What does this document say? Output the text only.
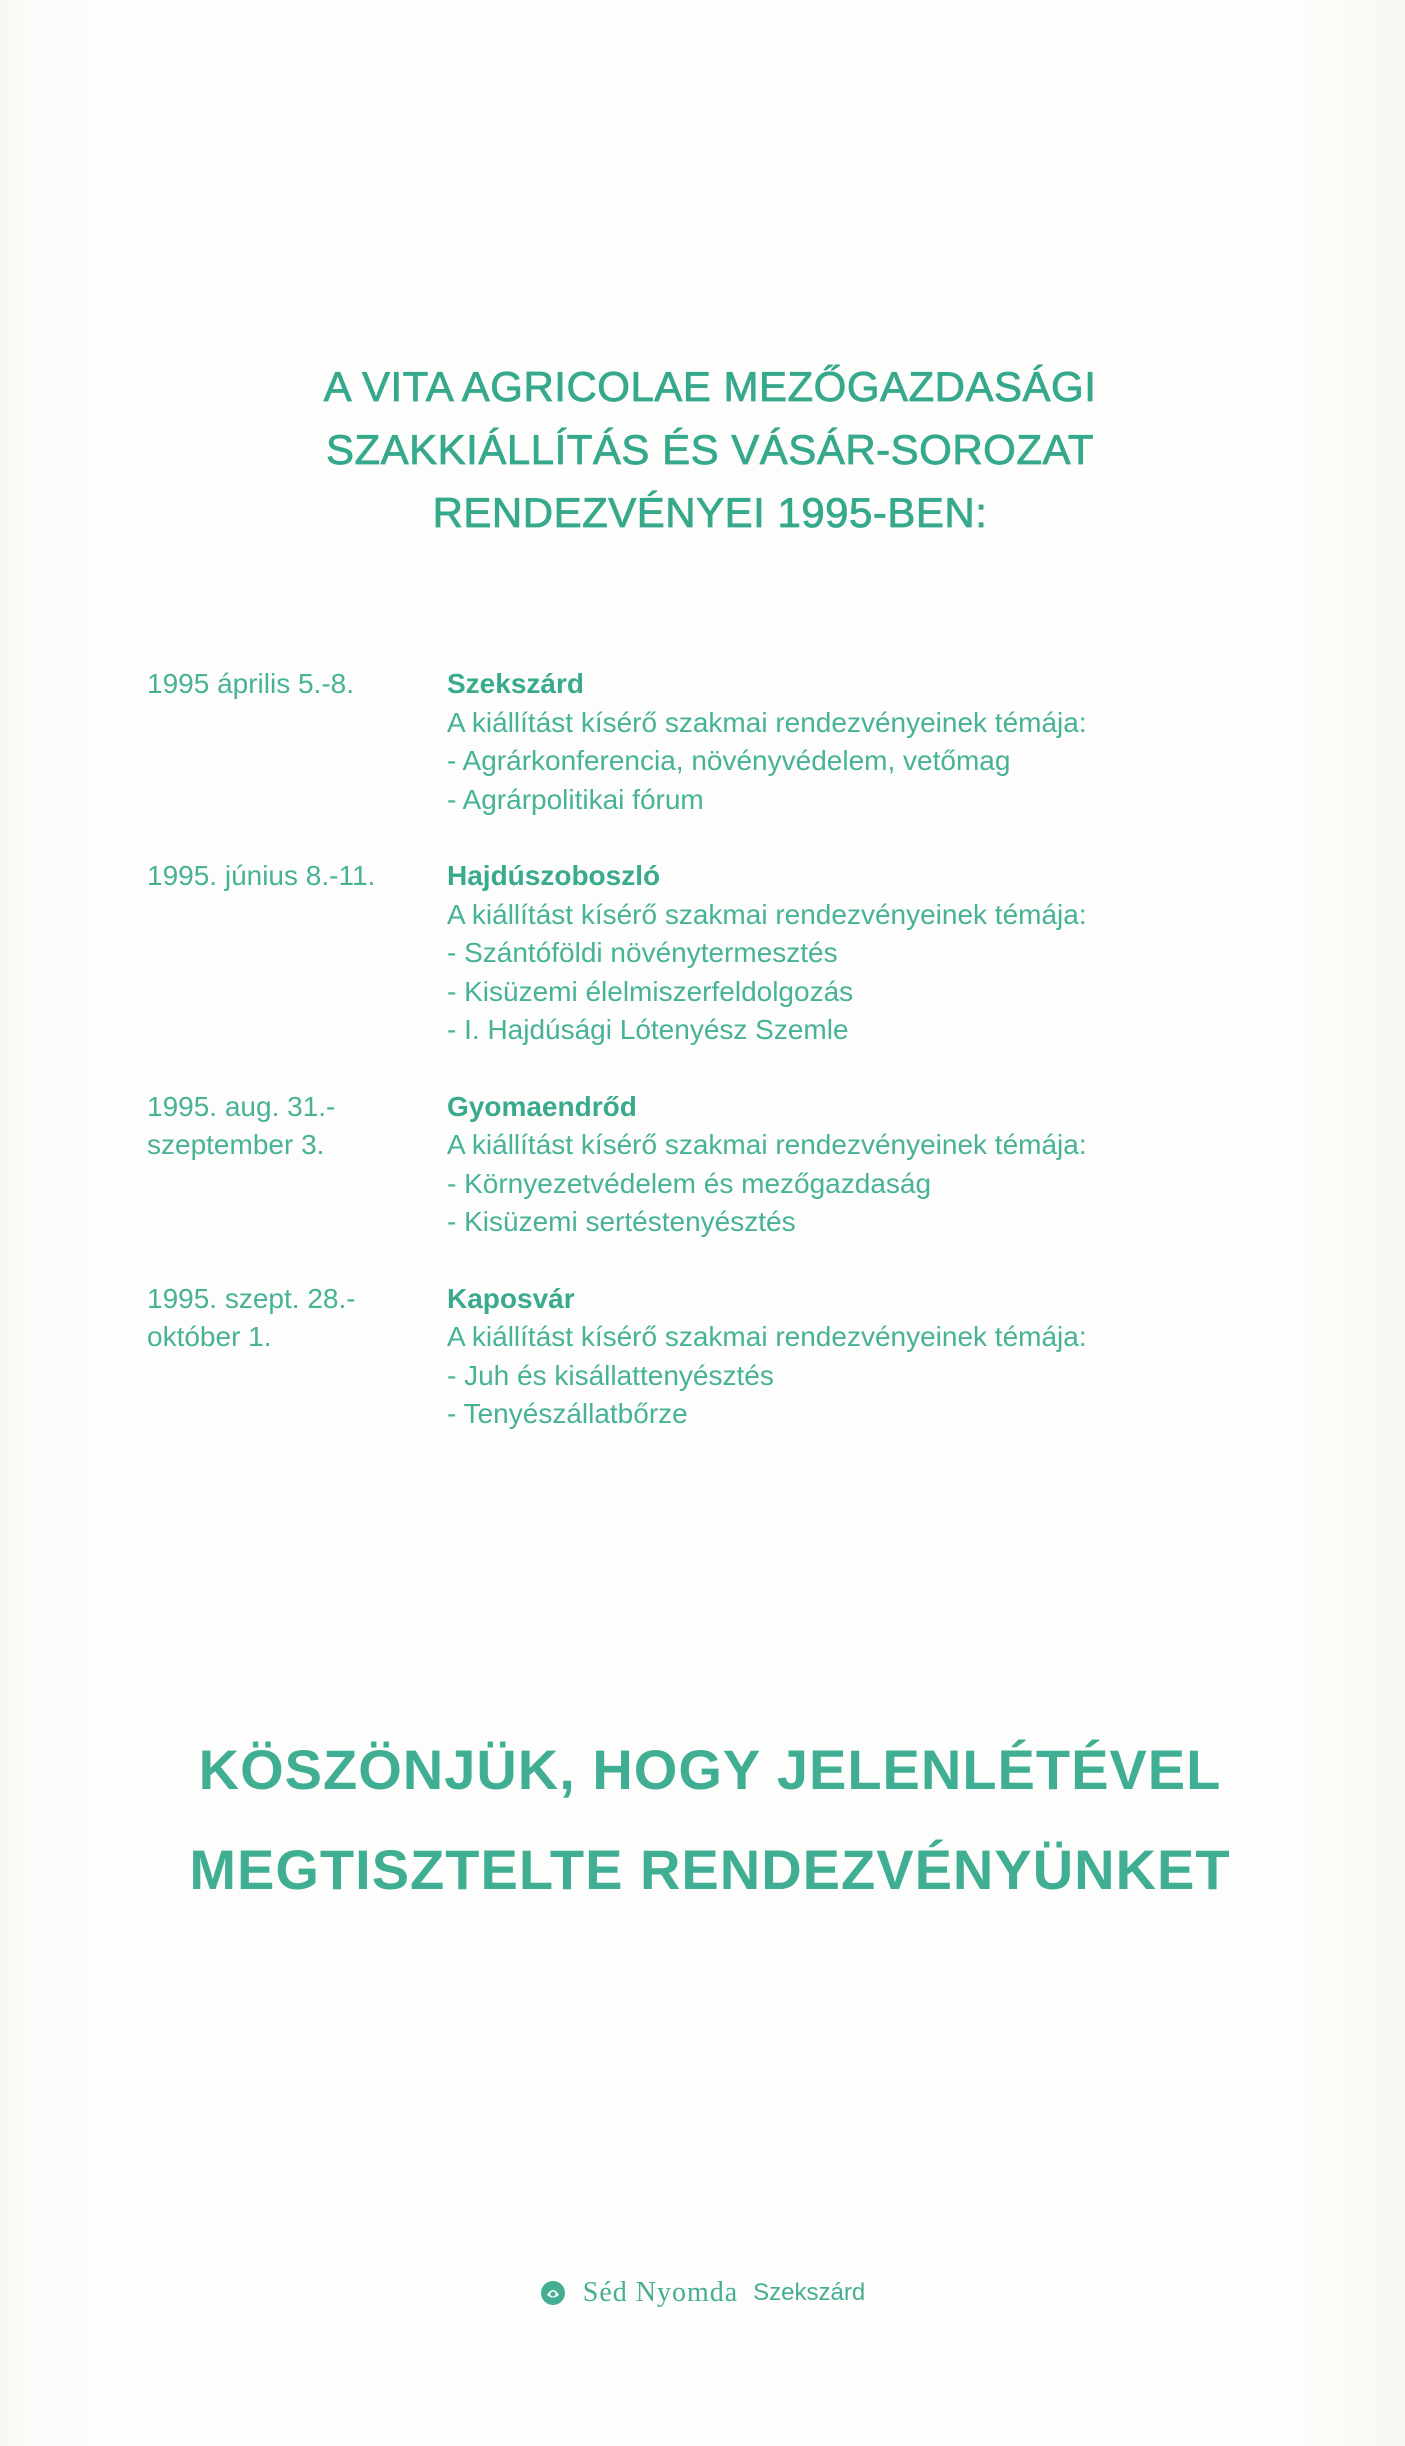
A VITA AGRICOLAE MEZŐGAZDASÁGI
SZAKKIÁLLÍTÁS ÉS VÁSÁR-SOROZAT
RENDEZVÉNYEI 1995-BEN:
1995 április 5.-8.	Szekszárd
A kiállítást kísérő szakmai rendezvényeinek témája:
- Agrárkonferencia, növényvédelem, vetőmag
- Agrárpolitikai fórum
1995. június 8.-11.	Hajdúszoboszló
A kiállítást kísérő szakmai rendezvényeinek témája:
- Szántóföldi növénytermesztés
- Kisüzemi élelmiszerfeldolgozás
- I. Hajdúsági Lótenyész Szemle
1995. aug. 31.-
szeptember 3.
Gyomaendrőd
A kiállítást kísérő szakmai rendezvényeinek témája:
- Környezetvédelem és mezőgazdaság
- Kisüzemi sertéstenyésztés
1995. szept. 28.-
október 1.
Kaposvár
A kiállítást kísérő szakmai rendezvényeinek témája:
- Juh és kisállattenyésztés
- Tenyészállatbőrze
KÖSZÖNJÜK, HOGY JELENLÉTÉVEL
MEGTISZTELTE RENDEZVÉNYÜNKET
Séd Nyomda Szekszárd
